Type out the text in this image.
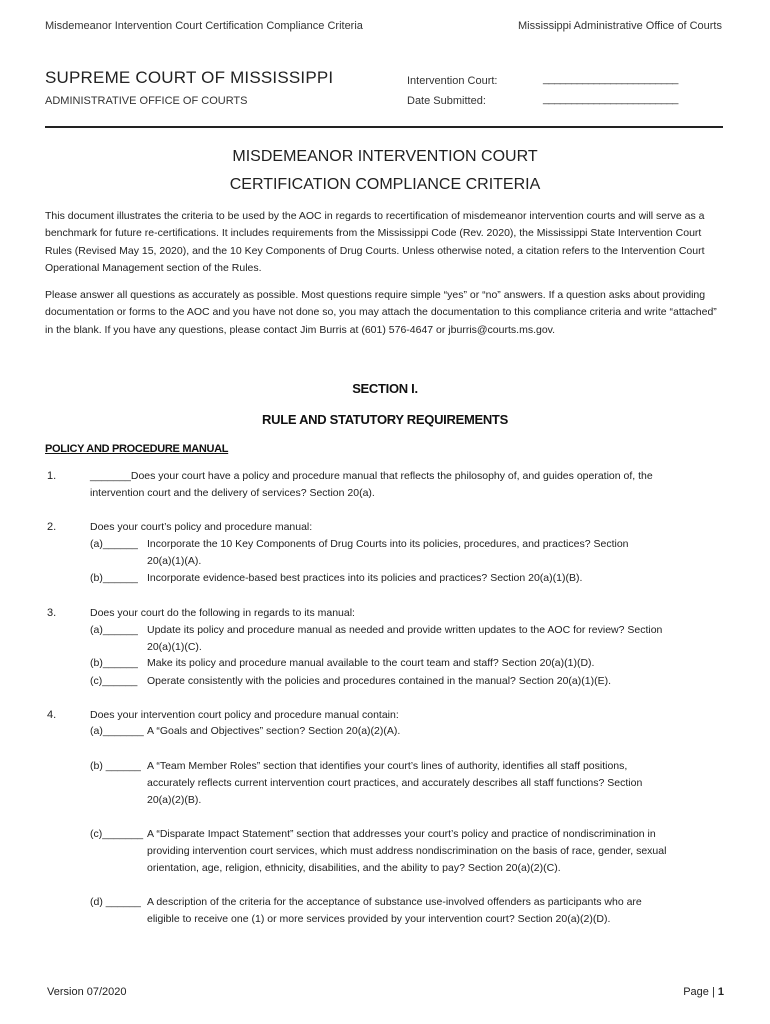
Misdemeanor Intervention Court Certification Compliance Criteria	Mississippi Administrative Office of Courts
SUPREME COURT OF MISSISSIPPI
ADMINISTRATIVE OFFICE OF COURTS
Intervention Court:	________________________
Date Submitted:	________________________
MISDEMEANOR INTERVENTION COURT
CERTIFICATION COMPLIANCE CRITERIA
This document illustrates the criteria to be used by the AOC in regards to recertification of misdemeanor intervention courts and will serve as a benchmark for future re-certifications. It includes requirements from the Mississippi Code (Rev. 2020), the Mississippi State Intervention Court Rules (Revised May 15, 2020), and the 10 Key Components of Drug Courts. Unless otherwise noted, a citation refers to the Intervention Court Operational Management section of the Rules.
Please answer all questions as accurately as possible. Most questions require simple “yes” or “no” answers. If a question asks about providing documentation or forms to the AOC and you have not done so, you may attach the documentation to this compliance criteria and write “attached” in the blank. If you have any questions, please contact Jim Burris at (601) 576-4647 or jburris@courts.ms.gov.
SECTION I.
RULE AND STATUTORY REQUIREMENTS
POLICY AND PROCEDURE MANUAL
1.	_______Does your court have a policy and procedure manual that reflects the philosophy of, and guides operation of, the
intervention court and the delivery of services? Section 20(a).
2.	Does your court’s policy and procedure manual:
(a)______ Incorporate the 10 Key Components of Drug Courts into its policies, procedures, and practices? Section
20(a)(1)(A).
(b)______ Incorporate evidence-based best practices into its policies and practices? Section 20(a)(1)(B).
3.	Does your court do the following in regards to its manual:
(a)______ Update its policy and procedure manual as needed and provide written updates to the AOC for review? Section
20(a)(1)(C).
(b)______ Make its policy and procedure manual available to the court team and staff? Section 20(a)(1)(D).
(c)______ Operate consistently with the policies and procedures contained in the manual? Section 20(a)(1)(E).
4.	Does your intervention court policy and procedure manual contain:
(a)_______ A “Goals and Objectives” section? Section 20(a)(2)(A).
(b) ______ A “Team Member Roles” section that identifies your court’s lines of authority, identifies all staff positions,
accurately reflects current intervention court practices, and accurately describes all staff functions? Section
20(a)(2)(B).
(c)_______ A “Disparate Impact Statement” section that addresses your court’s policy and practice of nondiscrimination in
providing intervention court services, which must address nondiscrimination on the basis of race, gender, sexual
orientation, age, religion, ethnicity, disabilities, and the ability to pay? Section 20(a)(2)(C).
(d) ______ A description of the criteria for the acceptance of substance use-involved offenders as participants who are
eligible to receive one (1) or more services provided by your intervention court? Section 20(a)(2)(D).
Version 07/2020	Page | 1
